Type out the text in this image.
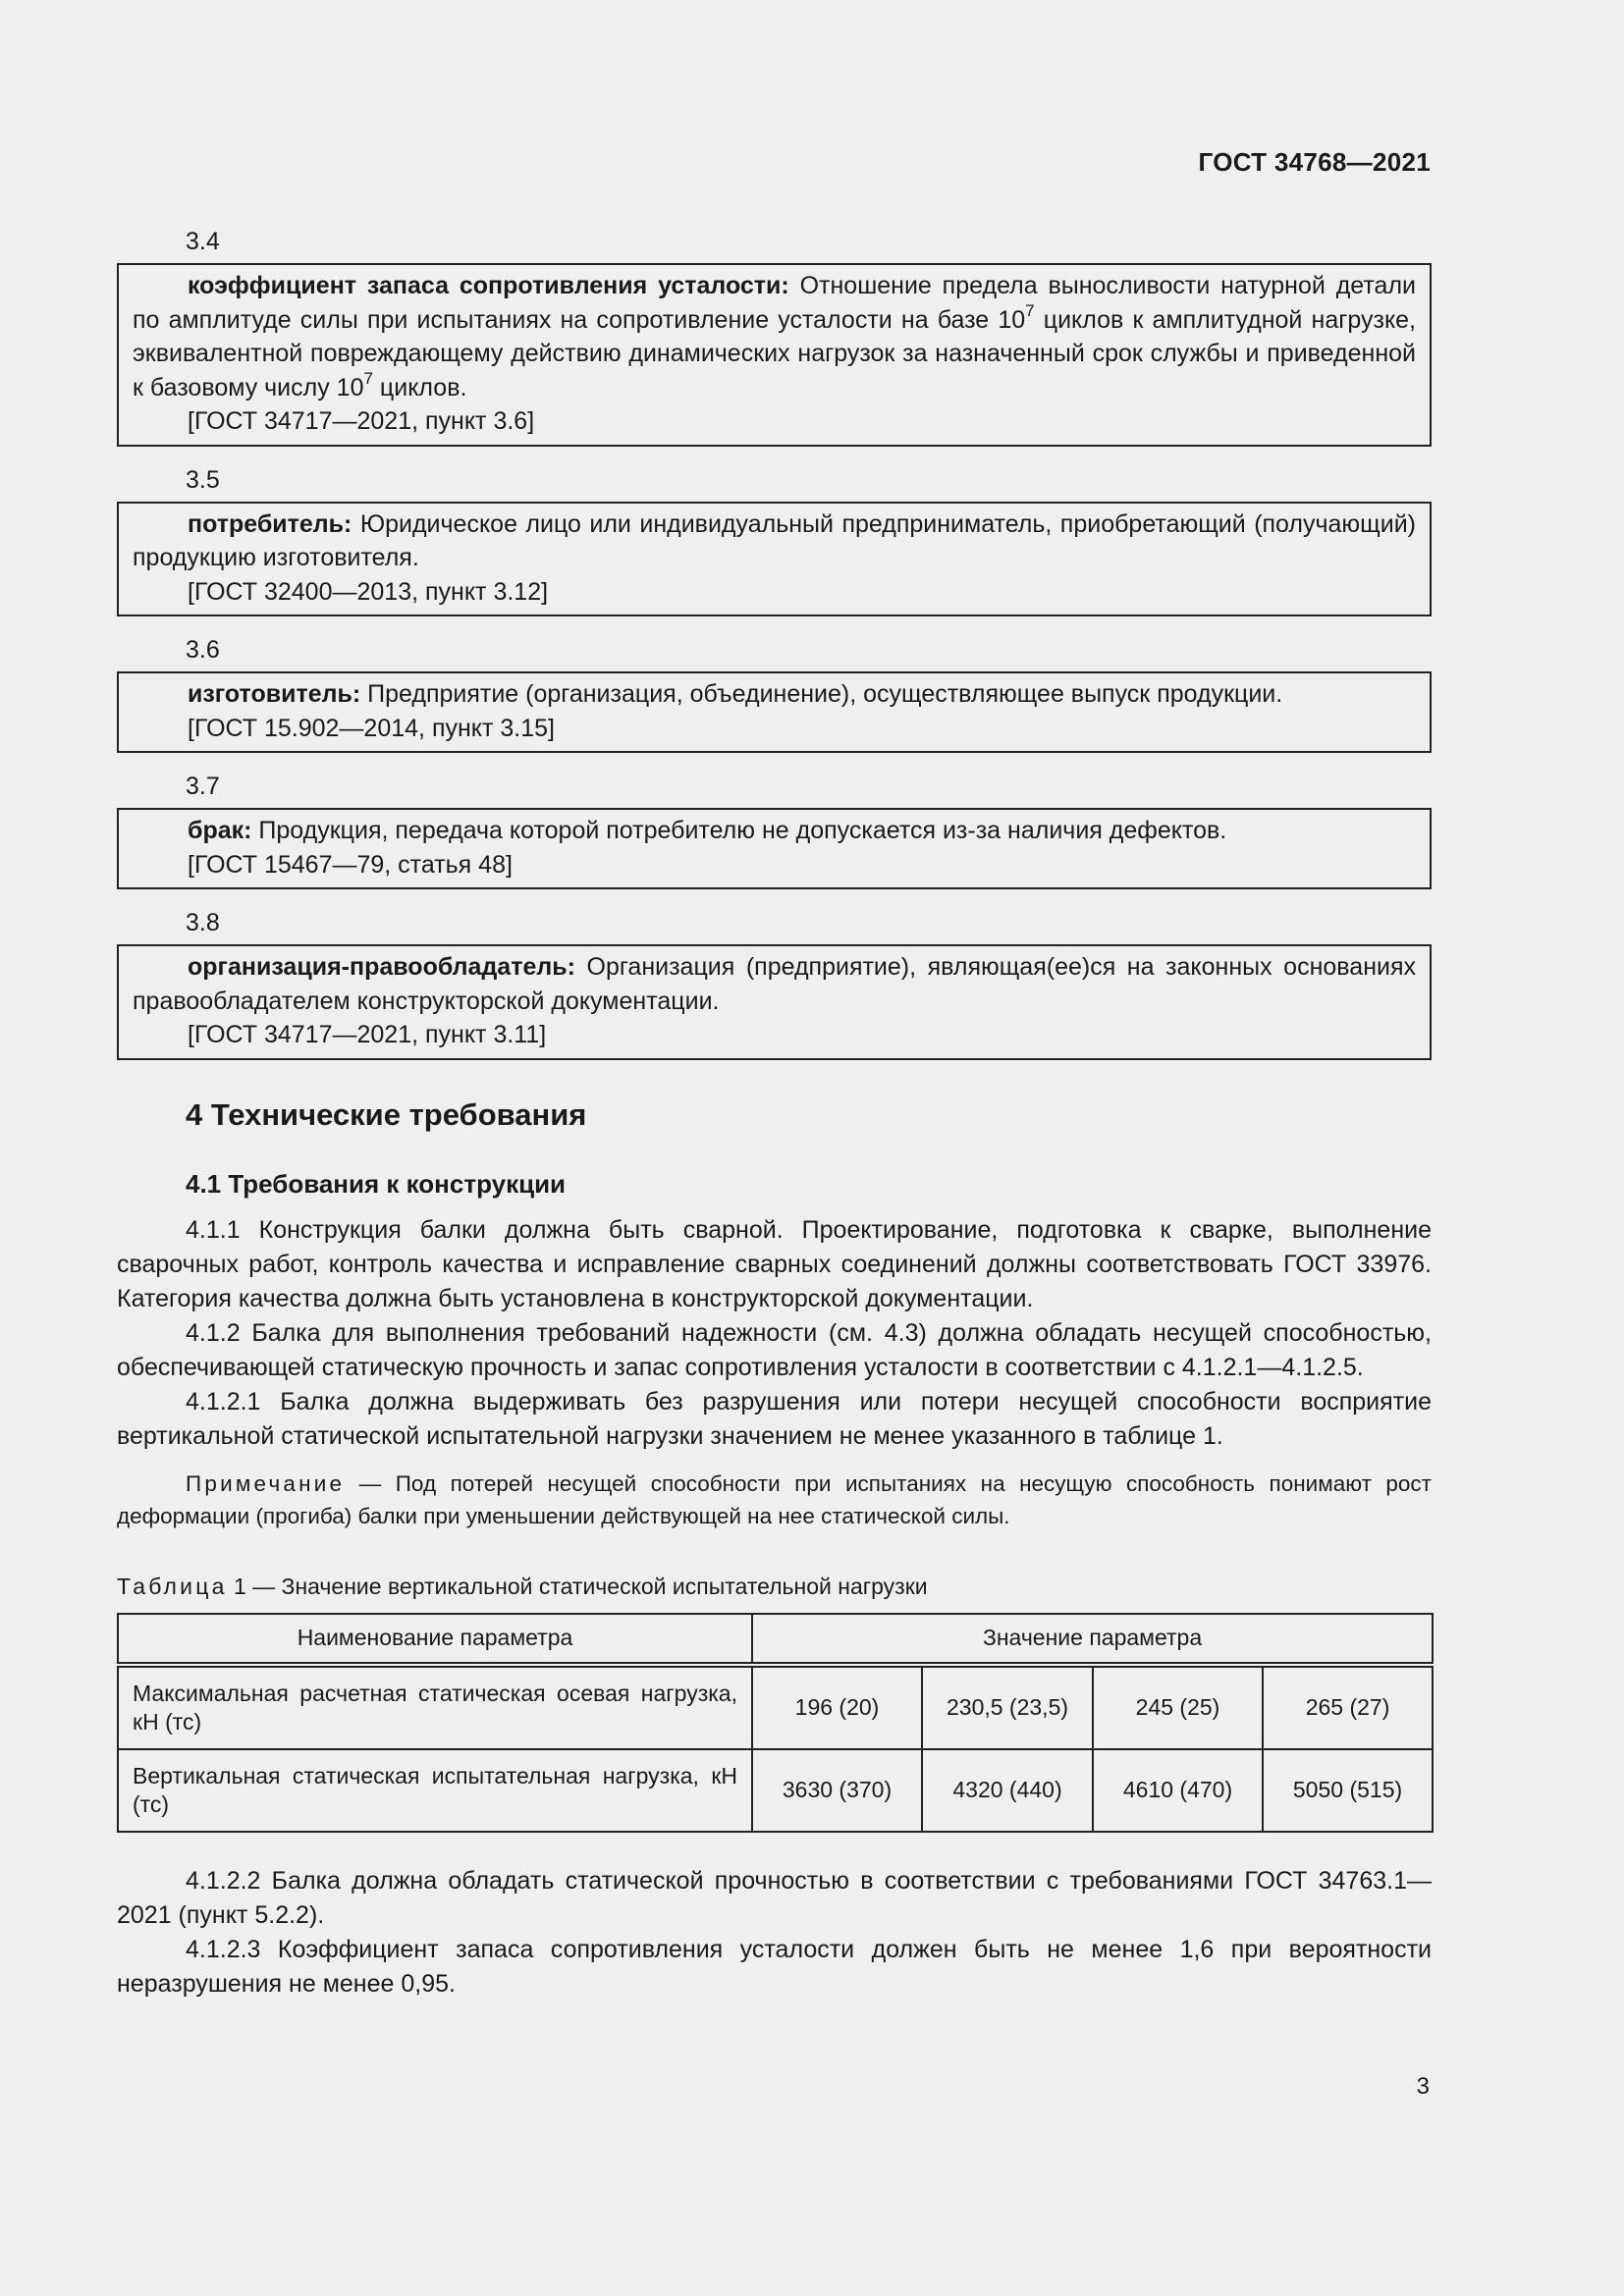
ГОСТ 34768—2021
3.4

коэффициент запаса сопротивления усталости: Отношение предела выносливости натурной детали по амплитуде силы при испытаниях на сопротивление усталости на базе $10^7$ циклов к амплитудной нагрузке, эквивалентной повреждающему действию динамических нагрузок за назначенный срок службы и приведенной к базовому числу $10^7$ циклов.

[ГОСТ 34717—2021, пункт 3.6]
3.5

потребитель: Юридическое лицо или индивидуальный предприниматель, приобретающий (получающий) продукцию изготовителя.

[ГОСТ 32400—2013, пункт 3.12]
3.6

изготовитель: Предприятие (организация, объединение), осуществляющее выпуск продукции.

[ГОСТ 15.902—2014, пункт 3.15]
3.7

брак: Продукция, передача которой потребителю не допускается из-за наличия дефектов.

[ГОСТ 15467—79, статья 48]
3.8

организация-правообладатель: Организация (предприятие), являющая(ее)ся на законных основаниях правообладателем конструкторской документации.

[ГОСТ 34717—2021, пункт 3.11]
4 Технические требования
4.1 Требования к конструкции

4.1.1 Конструкция балки должна быть сварной. Проектирование, подготовка к сварке, выполнение сварочных работ, контроль качества и исправление сварных соединений должны соответствовать ГОСТ 33976. Категория качества должна быть установлена в конструкторской документации.

4.1.2 Балка для выполнения требований надежности (см. 4.3) должна обладать несущей способностью, обеспечивающей статическую прочность и запас сопротивления усталости в соответствии с 4.1.2.1—4.1.2.5.

4.1.2.1 Балка должна выдерживать без разрушения или потери несущей способности восприятие вертикальной статической испытательной нагрузки значением не менее указанного в таблице 1.

Примечание — Под потерей несущей способности при испытаниях на несущую способность понимают рост деформации (прогиба) балки при уменьшении действующей на нее статической силы.

Таблица 1 — Значение вертикальной статической испытательной нагрузки
Наименование параметра	Значение параметра			
Максимальная расчетная статическая осевая нагрузка, кН (тс)	196 (20)	230,5 (23,5)	245 (25)	265 (27)
Вертикальная статическая испытательная нагрузка, кН (тс)	3630 (370)	4320 (440)	4610 (470)	5050 (515)

4.1.2.2 Балка должна обладать статической прочностью в соответствии с требованиями ГОСТ 34763.1—2021 (пункт 5.2.2).

4.1.2.3 Коэффициент запаса сопротивления усталости должен быть не менее 1,6 при вероятности неразрушения не менее 0,95.

3
